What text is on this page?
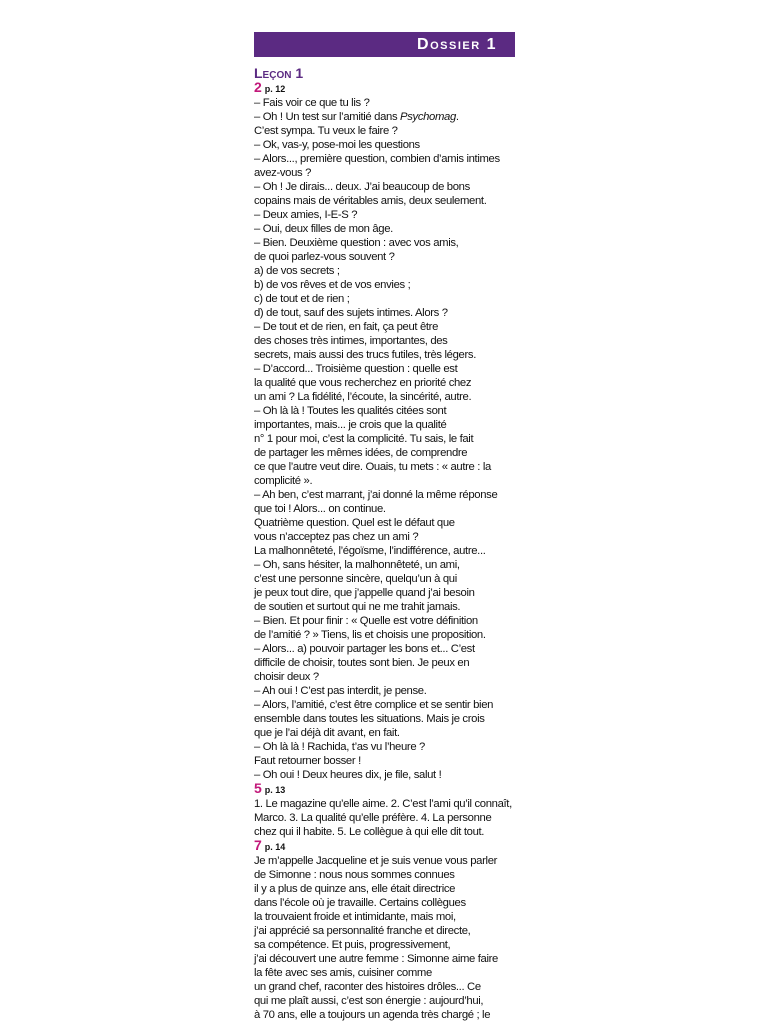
Dossier 1
Leçon 1
2 p. 12
– Fais voir ce que tu lis ?
– Oh ! Un test sur l’amitié dans Psychomag.
C’est sympa. Tu veux le faire ?
– Ok, vas-y, pose-moi les questions
– Alors..., première question, combien d’amis intimes
avez-vous ?
– Oh ! Je dirais... deux. J’ai beaucoup de bons
copains mais de véritables amis, deux seulement.
– Deux amies, I-E-S ?
– Oui, deux filles de mon âge.
– Bien. Deuxième question : avec vos amis,
de quoi parlez-vous souvent ?
a) de vos secrets ;
b) de vos rêves et de vos envies ;
c) de tout et de rien ;
d) de tout, sauf des sujets intimes. Alors ?
– De tout et de rien, en fait, ça peut être
des choses très intimes, importantes, des
secrets, mais aussi des trucs futiles, très légers.
– D’accord... Troisième question : quelle est
la qualité que vous recherchez en priorité chez
un ami ? La fidélité, l’écoute, la sincérité, autre.
– Oh là là ! Toutes les qualités citées sont
importantes, mais... je crois que la qualité
n° 1 pour moi, c’est la complicité. Tu sais, le fait
de partager les mêmes idées, de comprendre
ce que l’autre veut dire. Ouais, tu mets : « autre : la
complicité ».
– Ah ben, c’est marrant, j’ai donné la même réponse
que toi ! Alors... on continue.
Quatrième question. Quel est le défaut que
vous n’acceptez pas chez un ami ?
La malhonnêteté, l’égoïsme, l’indifférence, autre...
– Oh, sans hésiter, la malhonnêteté, un ami,
c’est une personne sincère, quelqu’un à qui
je peux tout dire, que j’appelle quand j’ai besoin
de soutien et surtout qui ne me trahit jamais.
– Bien. Et pour finir : « Quelle est votre définition
de l’amitié ? » Tiens, lis et choisis une proposition.
– Alors... a) pouvoir partager les bons et... C’est
difficile de choisir, toutes sont bien. Je peux en
choisir deux ?
– Ah oui ! C’est pas interdit, je pense.
– Alors, l’amitié, c’est être complice et se sentir bien
ensemble dans toutes les situations. Mais je crois
que je l’ai déjà dit avant, en fait.
– Oh là là ! Rachida, t’as vu l’heure ?
Faut retourner bosser !
– Oh oui ! Deux heures dix, je file, salut !
5 p. 13
1. Le magazine qu’elle aime. 2. C’est l’ami qu’il connaît,
Marco. 3. La qualité qu’elle préfère. 4. La personne
chez qui il habite. 5. Le collègue à qui elle dit tout.
7 p. 14
Je m’appelle Jacqueline et je suis venue vous parler
de Simonne : nous nous sommes connues
il y a plus de quinze ans, elle était directrice
dans l’école où je travaille. Certains collègues
la trouvaient froide et intimidante, mais moi,
j’ai apprécié sa personnalité franche et directe,
sa compétence. Et puis, progressivement,
j’ai découvert une autre femme : Simonne aime faire
la fête avec ses amis, cuisiner comme
un grand chef, raconter des histoires drôles... Ce
qui me plaît aussi, c’est son énergie : aujourd’hui,
à 70 ans, elle a toujours un agenda très chargé ; le
